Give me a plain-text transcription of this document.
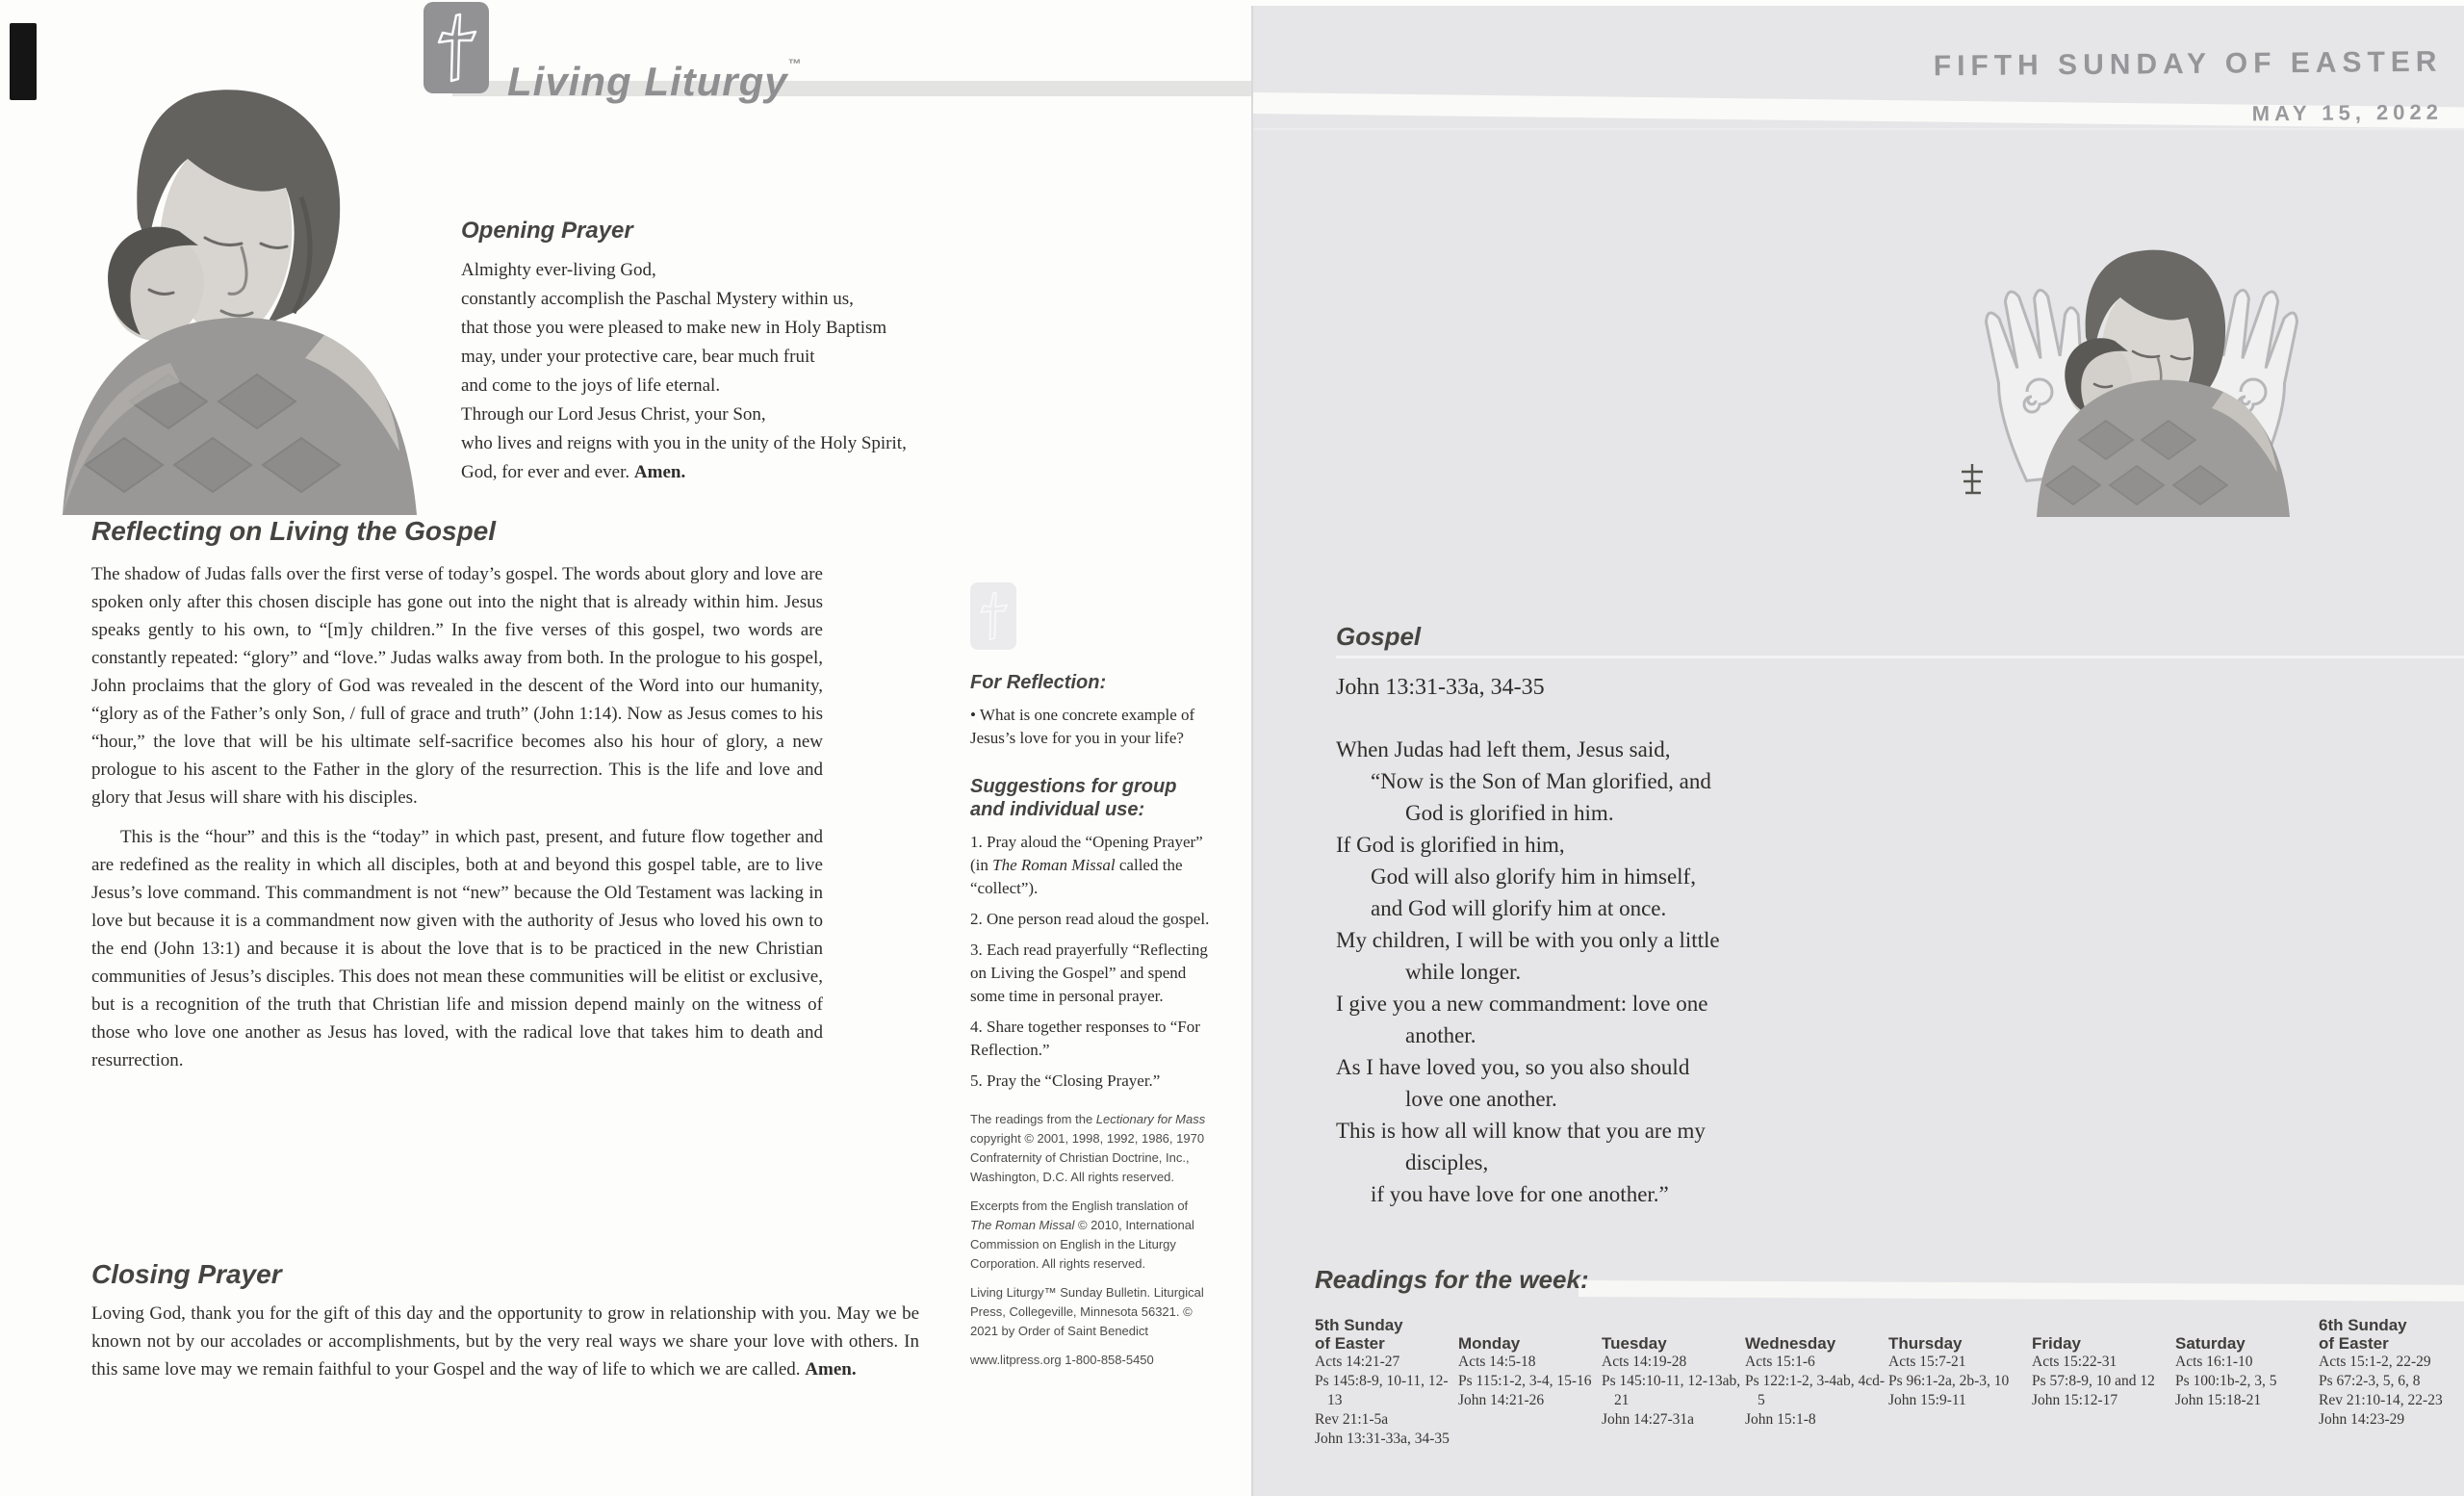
Living Liturgy™
Opening Prayer
Almighty ever-living God,
constantly accomplish the Paschal Mystery within us,
that those you were pleased to make new in Holy Baptism
may, under your protective care, bear much fruit
and come to the joys of life eternal.
Through our Lord Jesus Christ, your Son,
who lives and reigns with you in the unity of the Holy Spirit,
God, for ever and ever. Amen.
Reflecting on Living the Gospel

The shadow of Judas falls over the first verse of today’s gospel. The words about glory and love are spoken only after this chosen disciple has gone out into the night that is already within him. Jesus speaks gently to his own, to “[m]y children.” In the five verses of this gospel, two words are constantly repeated: “glory” and “love.” Judas walks away from both. In the prologue to his gospel, John proclaims that the glory of God was revealed in the descent of the Word into our humanity, “glory as of the Father’s only Son, / full of grace and truth” (John 1:14). Now as Jesus comes to his “hour,” the love that will be his ultimate self-sacrifice becomes also his hour of glory, a new prologue to his ascent to the Father in the glory of the resurrection. This is the life and love and glory that Jesus will share with his disciples.

This is the “hour” and this is the “today” in which past, present, and future flow together and are redefined as the reality in which all disciples, both at and beyond this gospel table, are to live Jesus’s love command. This commandment is not “new” because the Old Testament was lacking in love but because it is a commandment now given with the authority of Jesus who loved his own to the end (John 13:1) and because it is about the love that is to be practiced in the new Christian communities of Jesus’s disciples. This does not mean these communities will be elitist or exclusive, but is a recognition of the truth that Christian life and mission depend mainly on the witness of those who love one another as Jesus has loved, with the radical love that takes him to death and resurrection.

Closing Prayer

Loving God, thank you for the gift of this day and the opportunity to grow in relationship with you. May we be known not by our accolades or accomplishments, but by the very real ways we share your love with others. In this same love may we remain faithful to your Gospel and the way of life to which we are called. Amen.

For Reflection:

• What is one concrete example of Jesus’s love for you in your life?

Suggestions for group and individual use:

1. Pray aloud the “Opening Prayer” (in The Roman Missal called the “collect”).

2. One person read aloud the gospel.

3. Each read prayerfully “Reflecting on Living the Gospel” and spend some time in personal prayer.

4. Share together responses to “For Reflection.”

5. Pray the “Closing Prayer.”

The readings from the Lectionary for Mass copyright © 2001, 1998, 1992, 1986, 1970 Confraternity of Christian Doctrine, Inc., Washington, D.C. All rights reserved.

Excerpts from the English translation of The Roman Missal © 2010, International Commission on English in the Liturgy Corporation. All rights reserved.

Living Liturgy™ Sunday Bulletin. Liturgical Press, Collegeville, Minnesota 56321. © 2021 by Order of Saint Benedict

www.litpress.org 1-800-858-5450

FIFTH SUNDAY OF EASTER
MAY 15, 2022
Gospel
John 13:31-33a, 34-35
When Judas had left them, Jesus said,
“Now is the Son of Man glorified, and
God is glorified in him.
If God is glorified in him,
God will also glorify him in himself,
and God will glorify him at once.
My children, I will be with you only a little
while longer.
I give you a new commandment: love one
another.
As I have loved you, so you also should
love one another.
This is how all will know that you are my
disciples,
if you have love for one another.”
Readings for the week:
5th Sunday
of Easter
Acts 14:21-27
Ps 145:8-9, 10-11, 12-13
Rev 21:1-5a
John 13:31-33a, 34-35
Monday
Acts 14:5-18
Ps 115:1-2, 3-4, 15-16
John 14:21-26
Tuesday
Acts 14:19-28
Ps 145:10-11, 12-13ab, 21
John 14:27-31a
Wednesday
Acts 15:1-6
Ps 122:1-2, 3-4ab, 4cd-5
John 15:1-8
Thursday
Acts 15:7-21
Ps 96:1-2a, 2b-3, 10
John 15:9-11
Friday
Acts 15:22-31
Ps 57:8-9, 10 and 12
John 15:12-17
Saturday
Acts 16:1-10
Ps 100:1b-2, 3, 5
John 15:18-21
6th Sunday
of Easter
Acts 15:1-2, 22-29
Ps 67:2-3, 5, 6, 8
Rev 21:10-14, 22-23
John 14:23-29
